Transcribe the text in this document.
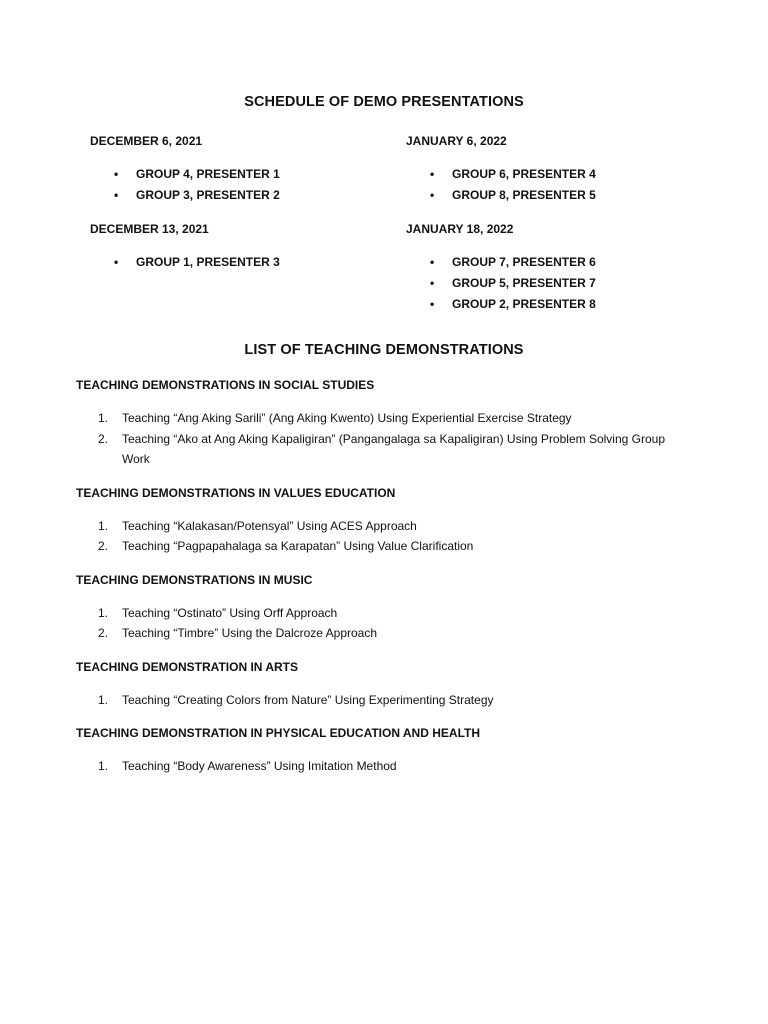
SCHEDULE OF DEMO PRESENTATIONS
DECEMBER 6, 2021
• GROUP 4, PRESENTER 1
• GROUP 3, PRESENTER 2
DECEMBER 13, 2021
• GROUP 1, PRESENTER 3
JANUARY 6, 2022
• GROUP 6, PRESENTER 4
• GROUP 8, PRESENTER 5
JANUARY 18, 2022
• GROUP 7, PRESENTER 6
• GROUP 5, PRESENTER 7
• GROUP 2, PRESENTER 8
LIST OF TEACHING DEMONSTRATIONS
TEACHING DEMONSTRATIONS IN SOCIAL STUDIES
1. Teaching “Ang Aking Sarili” (Ang Aking Kwento) Using Experiential Exercise Strategy
2. Teaching “Ako at Ang Aking Kapaligiran” (Pangangalaga sa Kapaligiran) Using Problem Solving Group Work
TEACHING DEMONSTRATIONS IN VALUES EDUCATION
1. Teaching “Kalakasan/Potensyal” Using ACES Approach
2. Teaching “Pagpapahalaga sa Karapatan” Using Value Clarification
TEACHING DEMONSTRATIONS IN MUSIC
1. Teaching “Ostinato” Using Orff Approach
2. Teaching “Timbre” Using the Dalcroze Approach
TEACHING DEMONSTRATION IN ARTS
1. Teaching “Creating Colors from Nature” Using Experimenting Strategy
TEACHING DEMONSTRATION IN PHYSICAL EDUCATION AND HEALTH
1. Teaching “Body Awareness” Using Imitation Method
